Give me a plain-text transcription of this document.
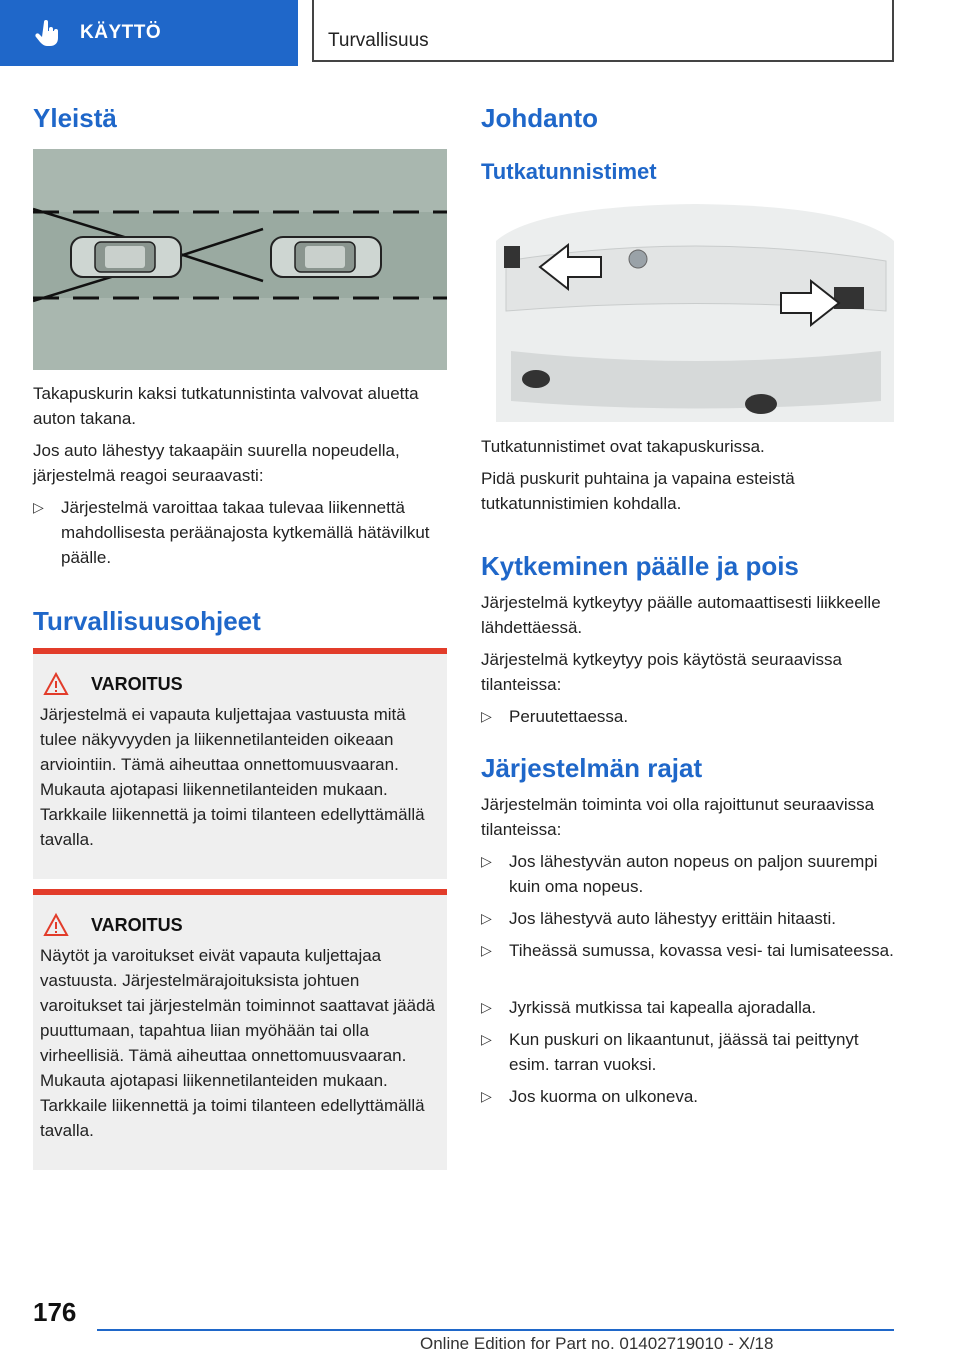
KÄYTTÖ	Turvallisuus
Yleistä

Takapuskurin kaksi tutkatunnistinta valvovat aluetta auton takana.

Jos auto lähestyy takaapäin suurella nopeudella, järjestelmä reagoi seuraavasti:

▷	Järjestelmä varoittaa takaa tulevaa liikennettä mahdollisesta peräänajosta kytkemällä hätävilkut päälle.
Turvallisuusohjeet
VAROITUS
Järjestelmä ei vapauta kuljettajaa vastuusta mitä tulee näkyvyyden ja liikennetilanteiden oikeaan arviointiin. Tämä aiheuttaa onnettomuusvaaran. Mukauta ajotapasi liikennetilanteiden mukaan. Tarkkaile liikennettä ja toimi tilanteen edellyttämällä tavalla.
VAROITUS
Näytöt ja varoitukset eivät vapauta kuljettajaa vastuusta. Järjestelmärajoituksista johtuen varoitukset tai järjestelmän toiminnot saattavat jäädä puuttumaan, tapahtua liian myöhään tai olla virheellisiä. Tämä aiheuttaa onnettomuusvaaran. Mukauta ajotapasi liikennetilanteiden mukaan. Tarkkaile liikennettä ja toimi tilanteen edellyttämällä tavalla.
Johdanto
Tutkatunnistimet

Tutkatunnistimet ovat takapuskurissa.

Pidä puskurit puhtaina ja vapaina esteistä tutkatunnistimien kohdalla.

Kytkeminen päälle ja pois

Järjestelmä kytkeytyy päälle automaattisesti liikkeelle lähdettäessä.

Järjestelmä kytkeytyy pois käytöstä seuraavissa tilanteissa:

▷	Peruutettaessa.
Järjestelmän rajat

Järjestelmän toiminta voi olla rajoittunut seuraavissa tilanteissa:

▷	Jos lähestyvän auton nopeus on paljon suurempi kuin oma nopeus.
▷	Jos lähestyvä auto lähestyy erittäin hitaasti.
▷	Tiheässä sumussa, kovassa vesi- tai lumisateessa.
▷	Jyrkissä mutkissa tai kapealla ajoradalla.
▷	Kun puskuri on likaantunut, jäässä tai peittynyt esim. tarran vuoksi.
▷	Jos kuorma on ulkoneva.
176
Online Edition for Part no. 01402719010 - X/18
